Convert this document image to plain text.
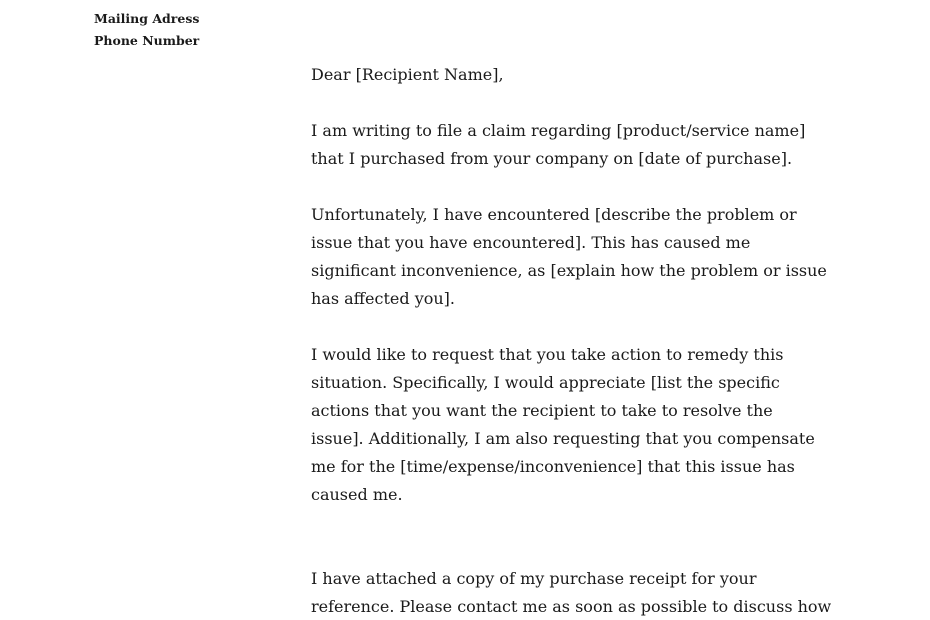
Mailing Adress
Phone Number
Dear [Recipient Name],
I am writing to file a claim regarding [product/service name]
that I purchased from your company on [date of purchase].
Unfortunately, I have encountered [describe the problem or
issue that you have encountered]. This has caused me
significant inconvenience, as [explain how the problem or issue
has affected you].
I would like to request that you take action to remedy this
situation. Specifically, I would appreciate [list the specific
actions that you want the recipient to take to resolve the
issue]. Additionally, I am also requesting that you compensate
me for the [time/expense/inconvenience] that this issue has
caused me.
I have attached a copy of my purchase receipt for your
reference. Please contact me as soon as possible to discuss how
